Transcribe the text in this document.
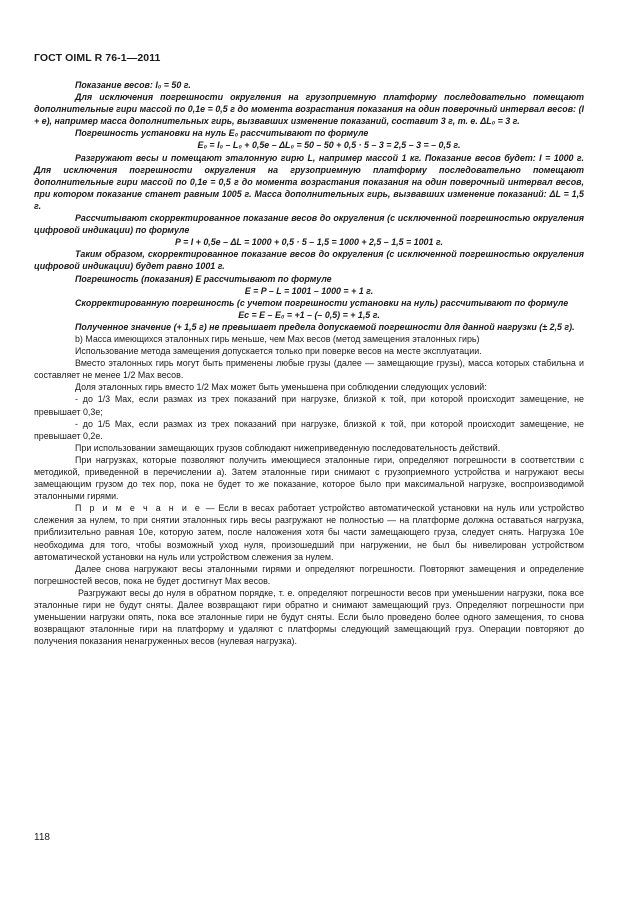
ГОСТ OIML R 76-1—2011

Показание весов: I₀ = 50 г.

Для исключения погрешности округления на грузоприемную платформу последовательно помещают дополнительные гири массой по 0,1e = 0,5 г до момента возрастания показания на один поверочный интервал весов: (I + e), например масса дополнительных гирь, вызвавших изменение показаний, составит 3 г, т. е. ΔL₀ = 3 г.

Погрешность установки на нуль E₀ рассчитывают по формуле

E₀ = I₀ – L₀ + 0,5e – ΔL₀ = 50 – 50 + 0,5 · 5 – 3 = 2,5 – 3 = – 0,5 г.

Разгружают весы и помещают эталонную гирю L, например массой 1 кг. Показание весов будет: I = 1000 г. Для исключения погрешности округления на грузоприемную платформу последовательно помещают дополнительные гири массой по 0,1e = 0,5 г до момента возрастания показания на один поверочный интервал весов, при котором показание станет равным 1005 г. Масса дополнительных гирь, вызвавших изменение показаний: ΔL = 1,5 г.

Рассчитывают скорректированное показание весов до округления (с исключенной погрешностью округления цифровой индикации) по формуле

P = I + 0,5e – ΔL = 1000 + 0,5 · 5 – 1,5 = 1000 + 2,5 – 1,5 = 1001 г.

Таким образом, скорректированное показание весов до округления (с исключенной погрешностью округления цифровой индикации) будет равно 1001 г.

Погрешность (показания) E рассчитывают по формуле

E = P – L = 1001 – 1000 = + 1 г.

Скорректированную погрешность (с учетом погрешности установки на нуль) рассчитывают по формуле

Ec = E – E₀ = +1 – (– 0,5) = + 1,5 г.

Полученное значение (+ 1,5 г) не превышает предела допускаемой погрешности для данной нагрузки (± 2,5 г).

b) Масса имеющихся эталонных гирь меньше, чем Max весов (метод замещения эталонных гирь)

Использование метода замещения допускается только при поверке весов на месте эксплуатации.

Вместо эталонных гирь могут быть применены любые грузы (далее — замещающие грузы), масса которых стабильна и составляет не менее 1/2 Max весов.

Доля эталонных гирь вместо 1/2 Max может быть уменьшена при соблюдении следующих условий:

- до 1/3 Max, если размах из трех показаний при нагрузке, близкой к той, при которой происходит замещение, не превышает 0,3e;

- до 1/5 Max, если размах из трех показаний при нагрузке, близкой к той, при которой происходит замещение, не превышает 0,2e.

При использовании замещающих грузов соблюдают нижеприведенную последовательность действий.

При нагрузках, которые позволяют получить имеющиеся эталонные гири, определяют погрешности в соответствии с методикой, приведенной в перечислении a). Затем эталонные гири снимают с грузоприемного устройства и нагружают весы замещающим грузом до тех пор, пока не будет то же показание, которое было при максимальной нагрузке, воспроизводимой эталонными гирями.

П р и м е ч а н и е — Если в весах работает устройство автоматической установки на нуль или устройство слежения за нулем, то при снятии эталонных гирь весы разгружают не полностью — на платформе должна оставаться нагрузка, приблизительно равная 10e, которую затем, после наложения хотя бы части замещающего груза, следует снять. Нагрузка 10e необходима для того, чтобы возможный уход нуля, произошедший при нагружении, не был бы нивелирован устройством автоматической установки на нуль или устройством слежения за нулем.

Далее снова нагружают весы эталонными гирями и определяют погрешности. Повторяют замещения и определение погрешностей весов, пока не будет достигнут Max весов.

Разгружают весы до нуля в обратном порядке, т. е. определяют погрешности весов при уменьшении нагрузки, пока все эталонные гири не будут сняты. Далее возвращают гири обратно и снимают замещающий груз. Определяют погрешности при уменьшении нагрузки опять, пока все эталонные гири не будут сняты. Если было проведено более одного замещения, то снова возвращают эталонные гири на платформу и удаляют с платформы следующий замещающий груз. Операции повторяют до получения показания ненагруженных весов (нулевая нагрузка).

118
